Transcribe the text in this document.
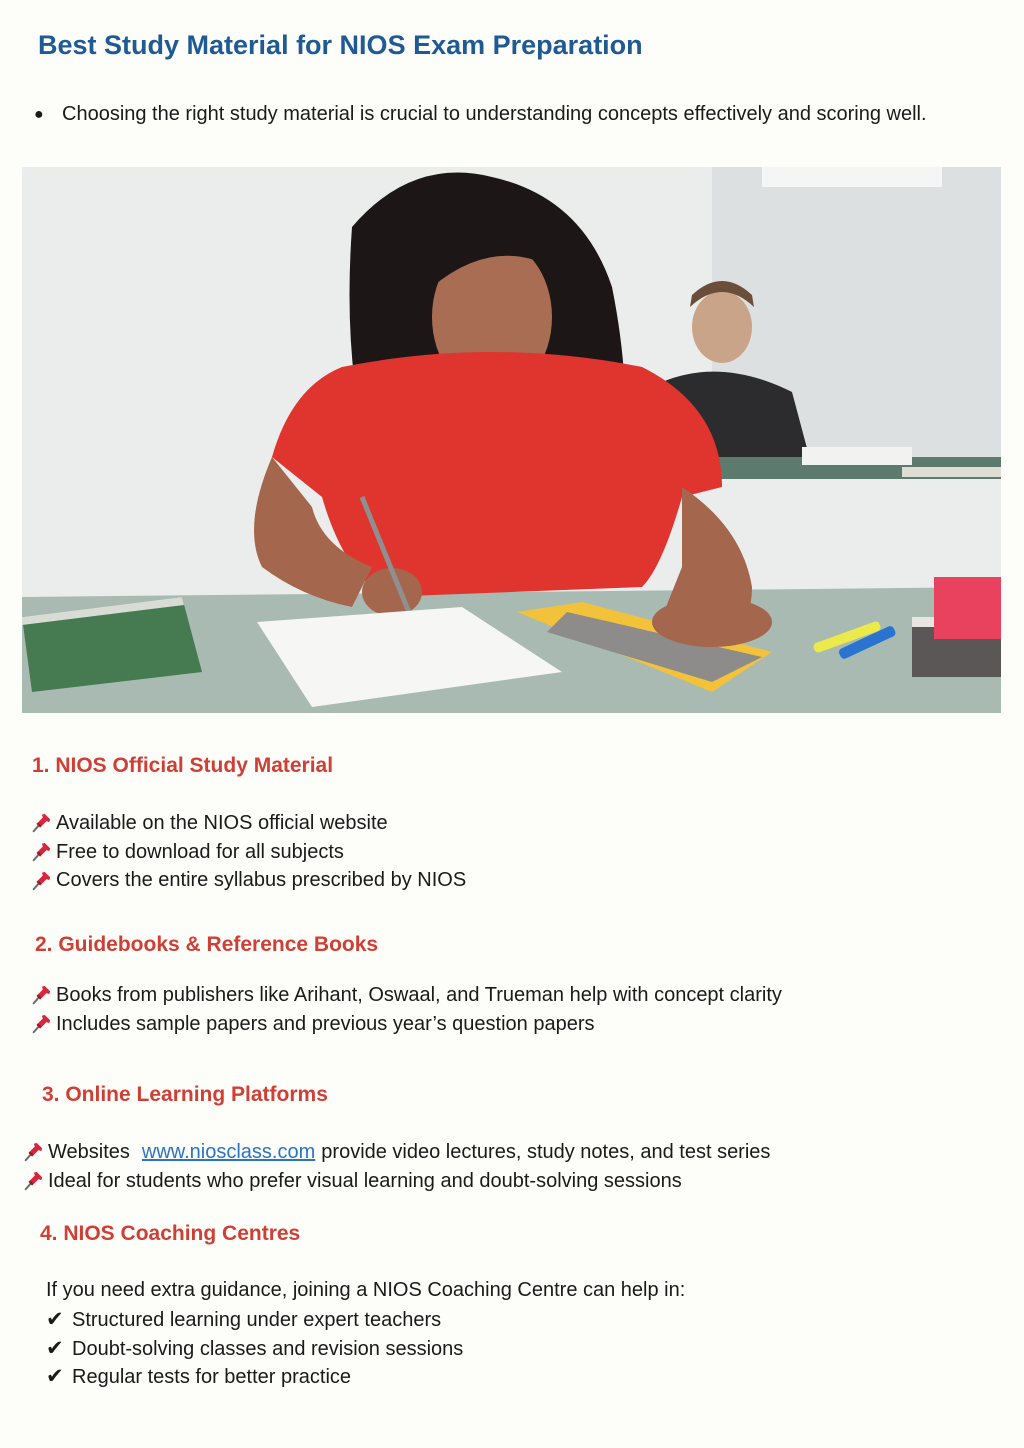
Best Study Material for NIOS Exam Preparation
● Choosing the right study material is crucial to understanding concepts effectively and scoring well.
1. NIOS Official Study Material
Available on the NIOS official website
Free to download for all subjects
Covers the entire syllabus prescribed by NIOS
2. Guidebooks & Reference Books
Books from publishers like Arihant, Oswaal, and Trueman help with concept clarity
Includes sample papers and previous year’s question papers
3. Online Learning Platforms
Websites www.niosclass.com provide video lectures, study notes, and test series
Ideal for students who prefer visual learning and doubt-solving sessions
4. NIOS Coaching Centres

If you need extra guidance, joining a NIOS Coaching Centre can help in:

✔ Structured learning under expert teachers
✔ Doubt-solving classes and revision sessions
✔ Regular tests for better practice
